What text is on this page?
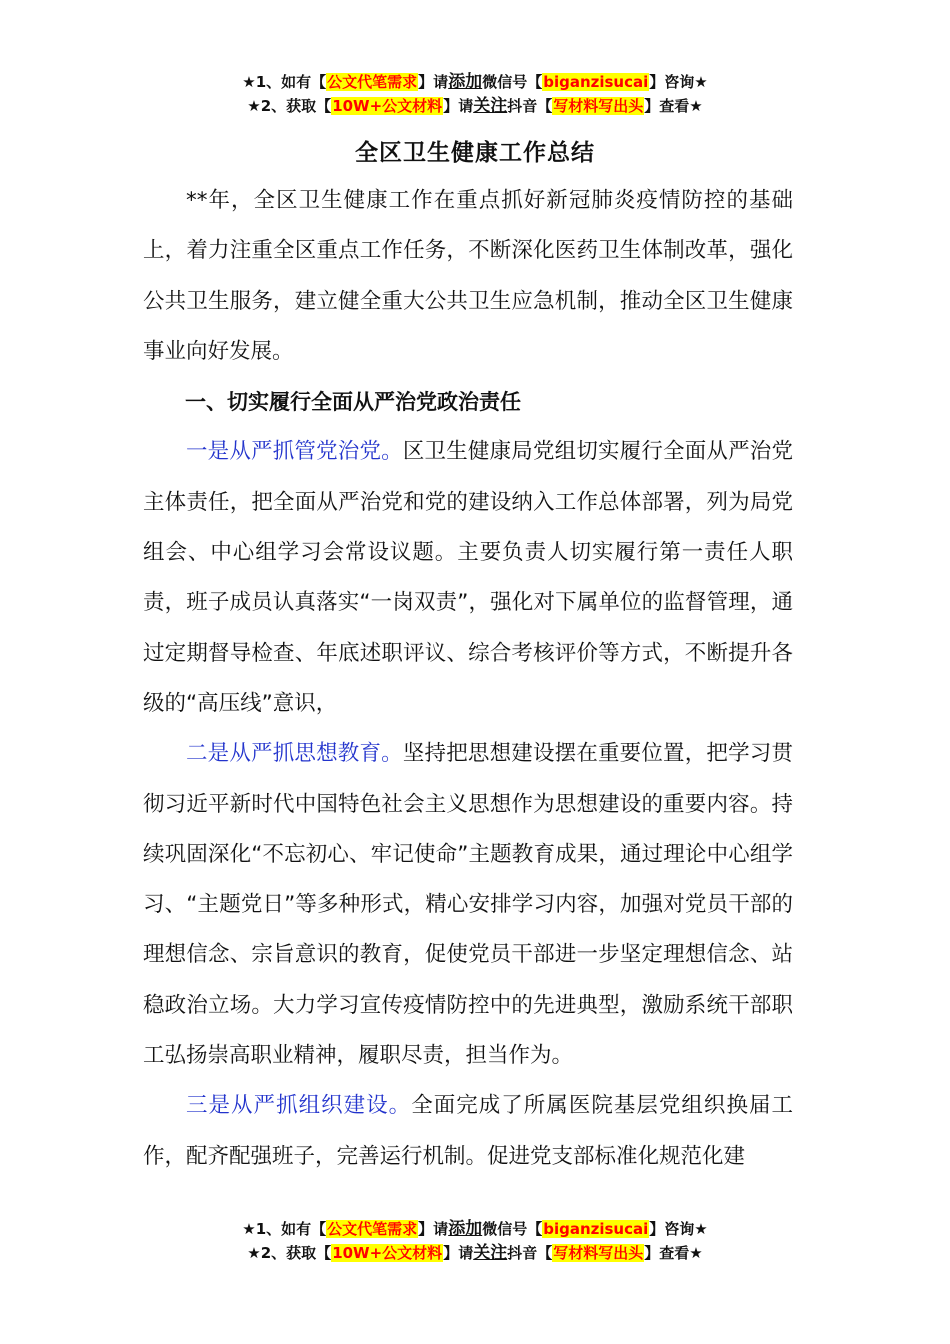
★1、如有【公文代笔需求】请添加微信号【biganzisucai】咨询★
★2、获取【10W+公文材料】请关注抖音【写材料写出头】查看★
全区卫生健康工作总结

**年，全区卫生健康工作在重点抓好新冠肺炎疫情防控的基础上，着力注重全区重点工作任务，不断深化医药卫生体制改革，强化公共卫生服务，建立健全重大公共卫生应急机制，推动全区卫生健康事业向好发展。

一、切实履行全面从严治党政治责任

一是从严抓管党治党。区卫生健康局党组切实履行全面从严治党主体责任，把全面从严治党和党的建设纳入工作总体部署，列为局党组会、中心组学习会常设议题。主要负责人切实履行第一责任人职责，班子成员认真落实“一岗双责”，强化对下属单位的监督管理，通过定期督导检查、年底述职评议、综合考核评价等方式，不断提升各级的“高压线”意识，

二是从严抓思想教育。坚持把思想建设摆在重要位置，把学习贯彻习近平新时代中国特色社会主义思想作为思想建设的重要内容。持续巩固深化“不忘初心、牢记使命”主题教育成果，通过理论中心组学习、“主题党日”等多种形式，精心安排学习内容，加强对党员干部的理想信念、宗旨意识的教育，促使党员干部进一步坚定理想信念、站稳政治立场。大力学习宣传疫情防控中的先进典型，激励系统干部职工弘扬崇高职业精神，履职尽责，担当作为。

三是从严抓组织建设。全面完成了所属医院基层党组织换届工作，配齐配强班子，完善运行机制。促进党支部标准化规范化建

★1、如有【公文代笔需求】请添加微信号【biganzisucai】咨询★
★2、获取【10W+公文材料】请关注抖音【写材料写出头】查看★
